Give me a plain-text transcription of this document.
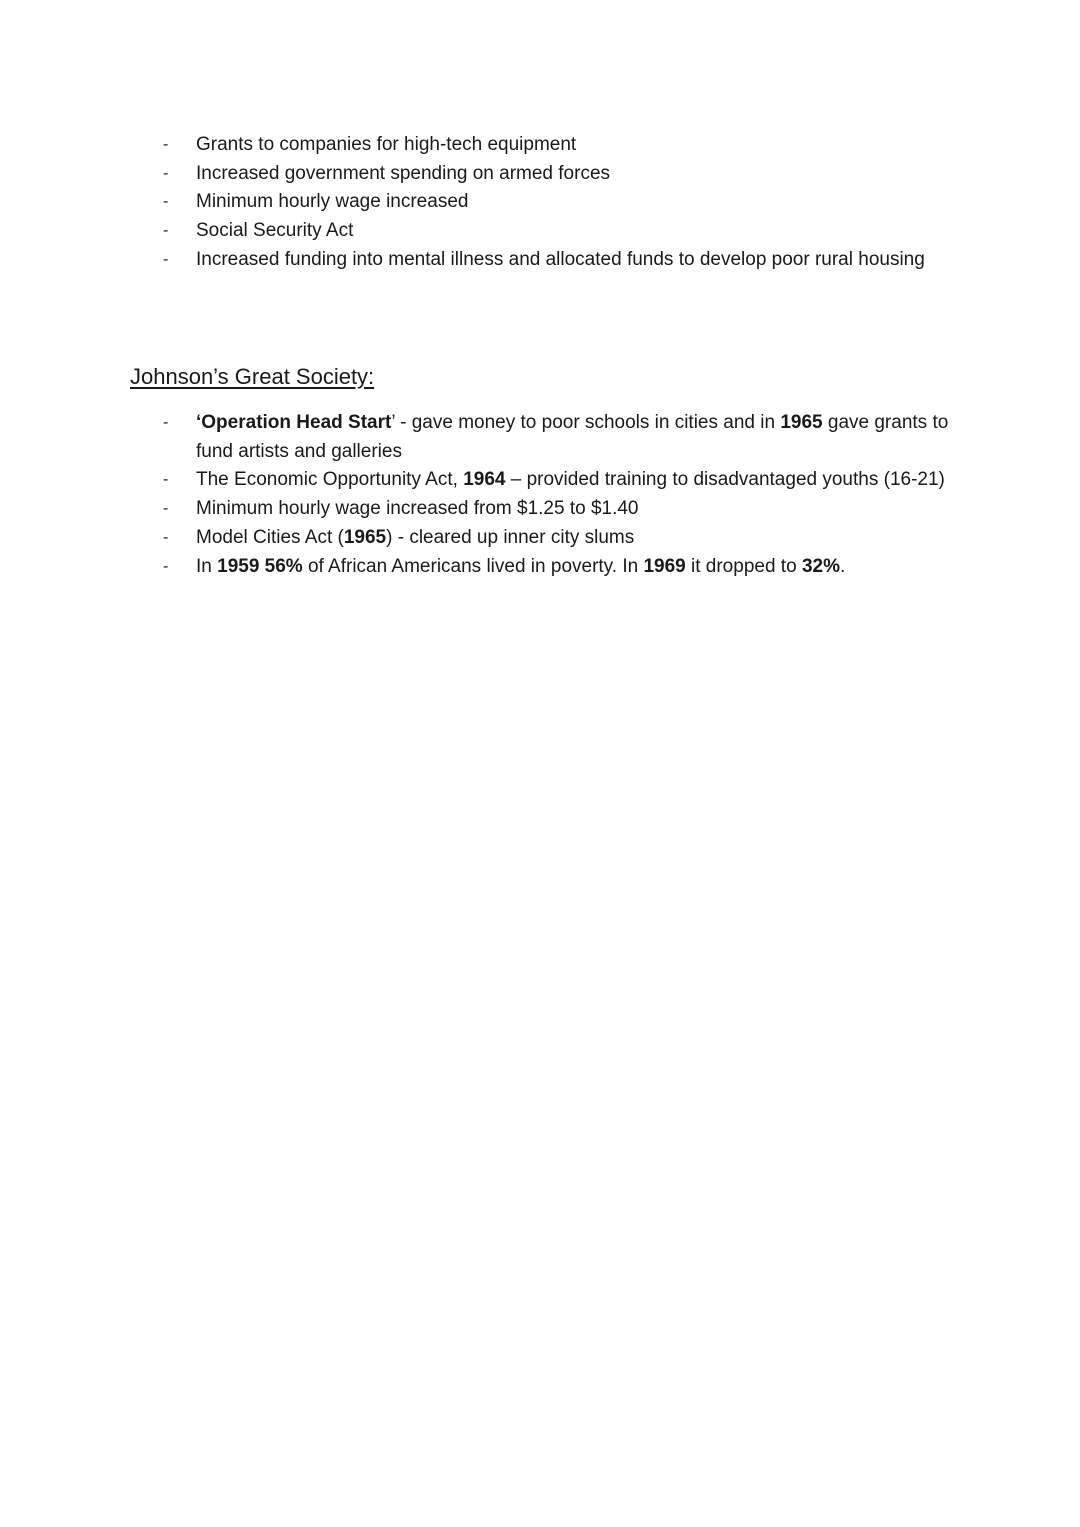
- Grants to companies for high-tech equipment
- Increased government spending on armed forces
- Minimum hourly wage increased
- Social Security Act
- Increased funding into mental illness and allocated funds to develop poor rural housing
Johnson’s Great Society:
- ‘Operation Head Start’ - gave money to poor schools in cities and in 1965 gave grants to fund artists and galleries
- The Economic Opportunity Act, 1964 – provided training to disadvantaged youths (16-21)
- Minimum hourly wage increased from $1.25 to $1.40
- Model Cities Act (1965) - cleared up inner city slums
- In 1959 56% of African Americans lived in poverty. In 1969 it dropped to 32%.
